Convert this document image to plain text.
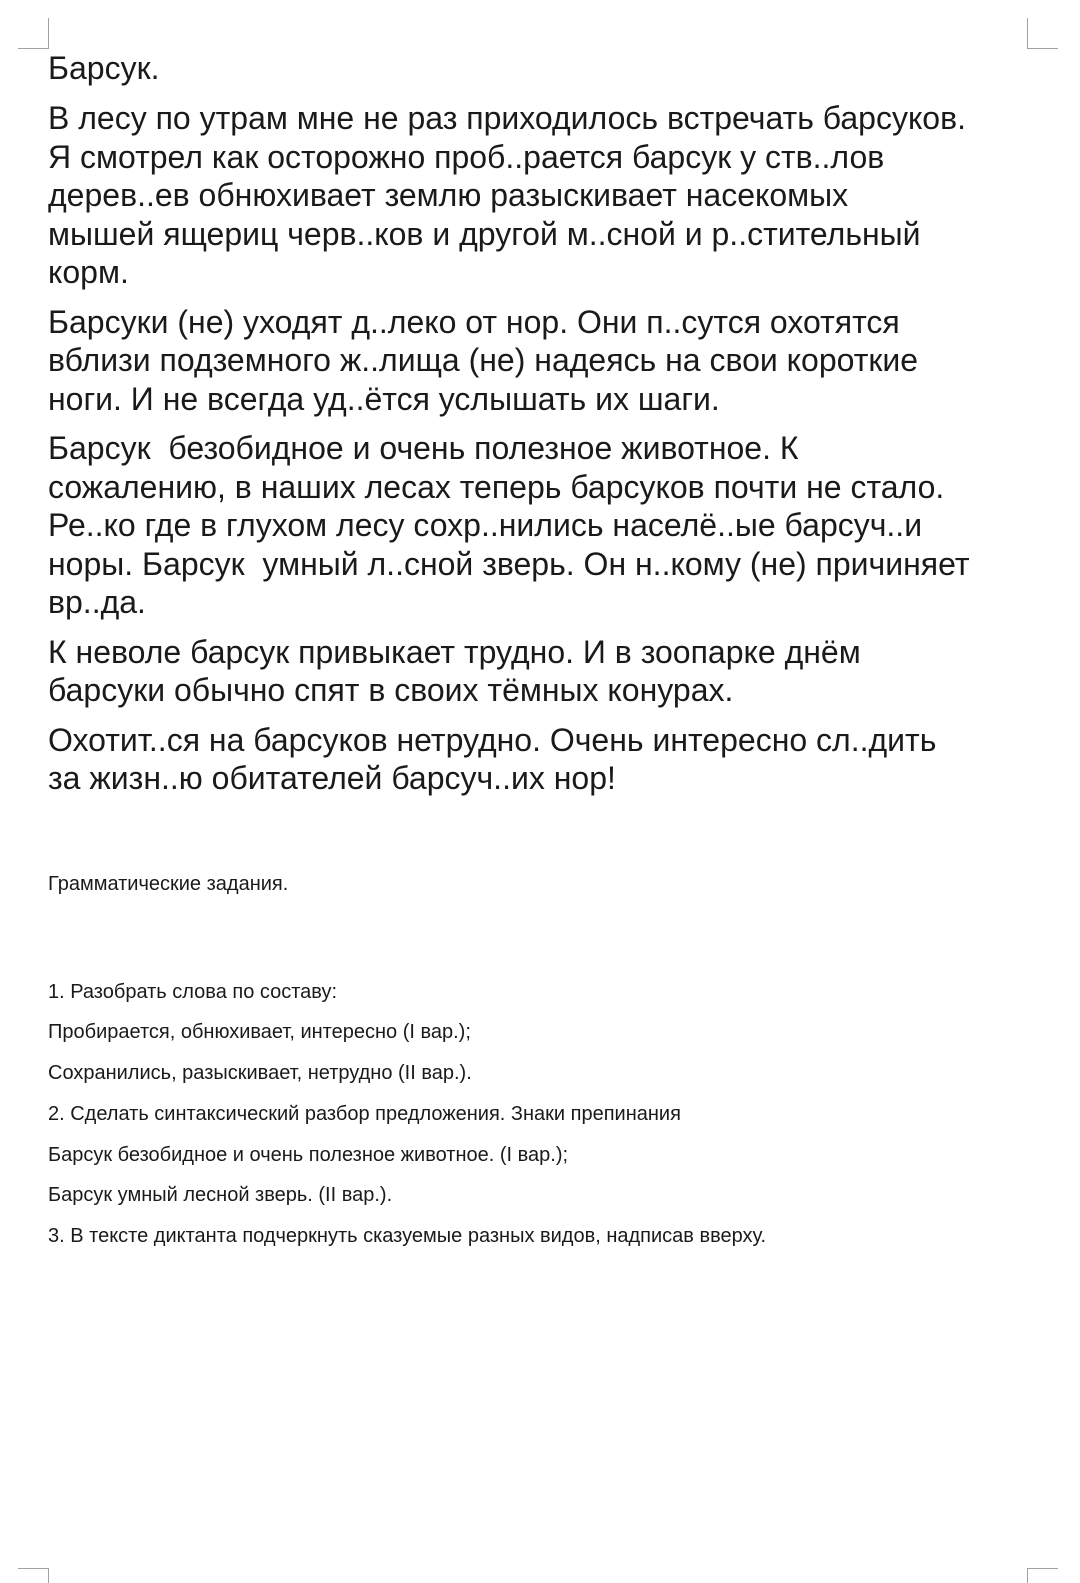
Барсук.
В лесу по утрам мне не раз приходилось встречать барсуков.
Я смотрел как осторожно проб..рается барсук у ств..лов
дерев..ев обнюхивает землю разыскивает насекомых
мышей ящериц черв..ков и другой м..сной и р..стительный
корм.
Барсуки (не) уходят д..леко от нор. Они п..сутся охотятся
вблизи подземного ж..лища (не) надеясь на свои короткие
ноги. И не всегда уд..ётся услышать их шаги.
Барсук  безобидное и очень полезное животное. К
сожалению, в наших лесах теперь барсуков почти не стало.
Ре..ко где в глухом лесу сохр..нились населё..ые барсуч..и
норы. Барсук  умный л..сной зверь. Он н..кому (не) причиняет
вр..да.
К неволе барсук привыкает трудно. И в зоопарке днём
барсуки обычно спят в своих тёмных конурах.
Охотит..ся на барсуков нетрудно. Очень интересно сл..дить
за жизн..ю обитателей барсуч..их нор!
Грамматические задания.
1. Разобрать слова по составу:
Пробирается, обнюхивает, интересно (I вар.);
Сохранились, разыскивает, нетрудно (II вар.).
2. Сделать синтаксический разбор предложения. Знаки препинания
Барсук безобидное и очень полезное животное. (I вар.);
Барсук умный лесной зверь. (II вар.).
3. В тексте диктанта подчеркнуть сказуемые разных видов, надписав вверху.
